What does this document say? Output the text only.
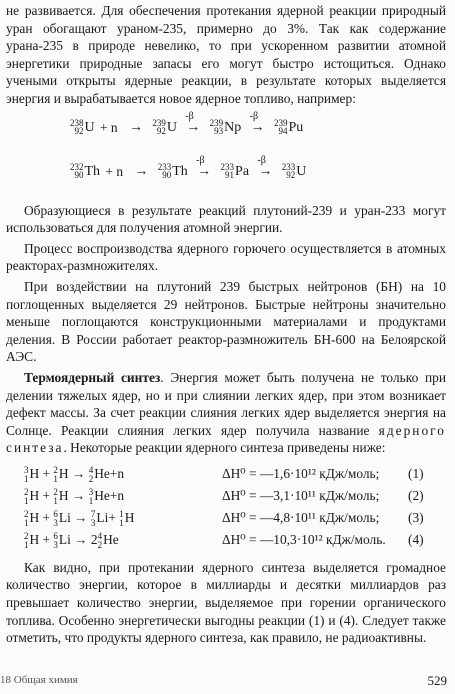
не развивается. Для обеспечения протекания ядерной реакции природный уран обогащают ураном-235, примерно до 3%. Так как содержание урана-235 в природе невелико, то при ускоренном развитии атомной энергетики природные запасы его могут быстро истощиться. Однако учеными открыты ядерные реакции, в результате которых выделяется энергия и вырабатывается новое ядерное топливо, например:

238
92 U + n → 239
92 U
-β
→ 239
93 Np
-β
→ 239
94 Pu
232
90 Th + n → 233
90 Th
-β
→ 233
91 Pa
-β
→ 233
92 U

Образующиеся в результате реакций плутоний-239 и уран-233 могут использоваться для получения атомной энергии.

Процесс воспроизводства ядерного горючего осуществляется в атомных реакторах-размножителях.

При воздействии на плутоний 239 быстрых нейтронов (БН) на 10 поглощенных выделяется 29 нейтронов. Быстрые нейтроны значительно меньше поглощаются конструкционными материалами и продуктами деления. В России работает реактор-размножитель БН-600 на Белоярской АЭС.

Термоядерный синтез. Энергия может быть получена не только при делении тяжелых ядер, но и при слиянии легких ядер, при этом возникает дефект массы. За счет реакции слияния легких ядер выделяется энергия на Солнце. Реакции слияния легких ядер получила название ядерного синтеза. Некоторые реакции ядерного синтеза приведены ниже:

3
1 H + 2
1 H → 4
2 He+n	ΔH⁰ = —1,6·10¹² кДж/моль; (1)
2
1 H + 2
1 H → 3
1 He+n	ΔH⁰ = —3,1·10¹¹ кДж/моль; (2)
2
1 H + 6
3 Li → 7
3 Li+ 1
1 H	ΔH⁰ = —4,8·10¹¹ кДж/моль; (3)
2
1 H + 6
3 Li → 2 4
2 He	ΔH⁰ = —10,3·10¹² кДж/моль. (4)

Как видно, при протекании ядерного синтеза выделяется громадное количество энергии, которое в миллиарды и десятки миллиардов раз превышает количество энергии, выделяемое при горении органического топлива. Особенно энергетически выгодны реакции (1) и (4). Следует также отметить, что продукты ядерного синтеза, как правило, не радиоактивны.

18 Общая химия	529
